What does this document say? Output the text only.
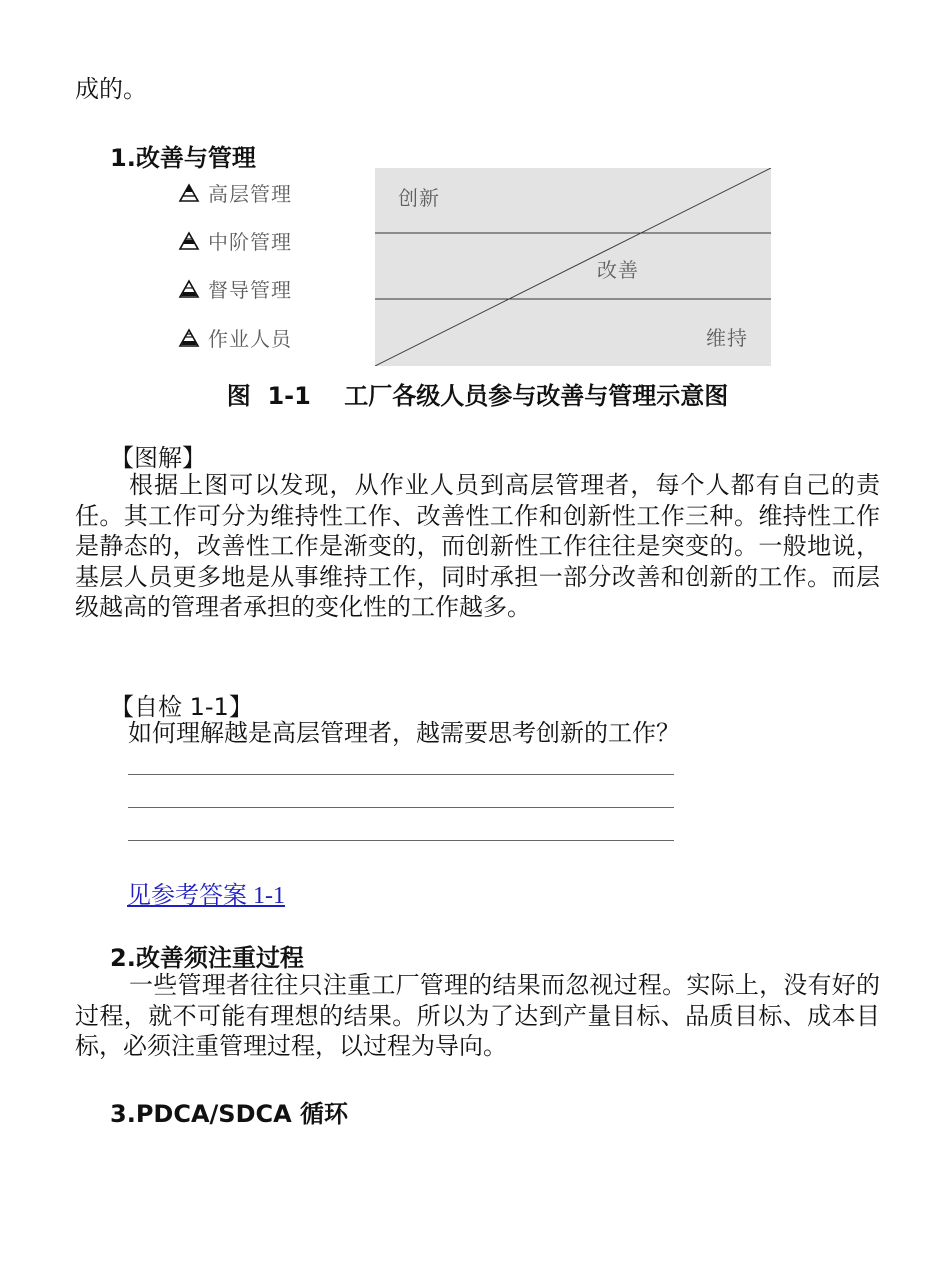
成的。
1.改善与管理
高层管理
中阶管理
督导管理
作业人员
创新
改善
维持
图  1-1    工厂各级人员参与改善与管理示意图
【图解】
根据上图可以发现，从作业人员到高层管理者，每个人都有自己的责任。其工作可分为维持性工作、改善性工作和创新性工作三种。维持性工作是静态的，改善性工作是渐变的，而创新性工作往往是突变的。一般地说，基层人员更多地是从事维持工作，同时承担一部分改善和创新的工作。而层级越高的管理者承担的变化性的工作越多。
【自检 1-1】
如何理解越是高层管理者，越需要思考创新的工作？
见参考答案 1-1
2.改善须注重过程
一些管理者往往只注重工厂管理的结果而忽视过程。实际上，没有好的过程，就不可能有理想的结果。所以为了达到产量目标、品质目标、成本目标，必须注重管理过程，以过程为导向。
3.PDCA/SDCA 循环
